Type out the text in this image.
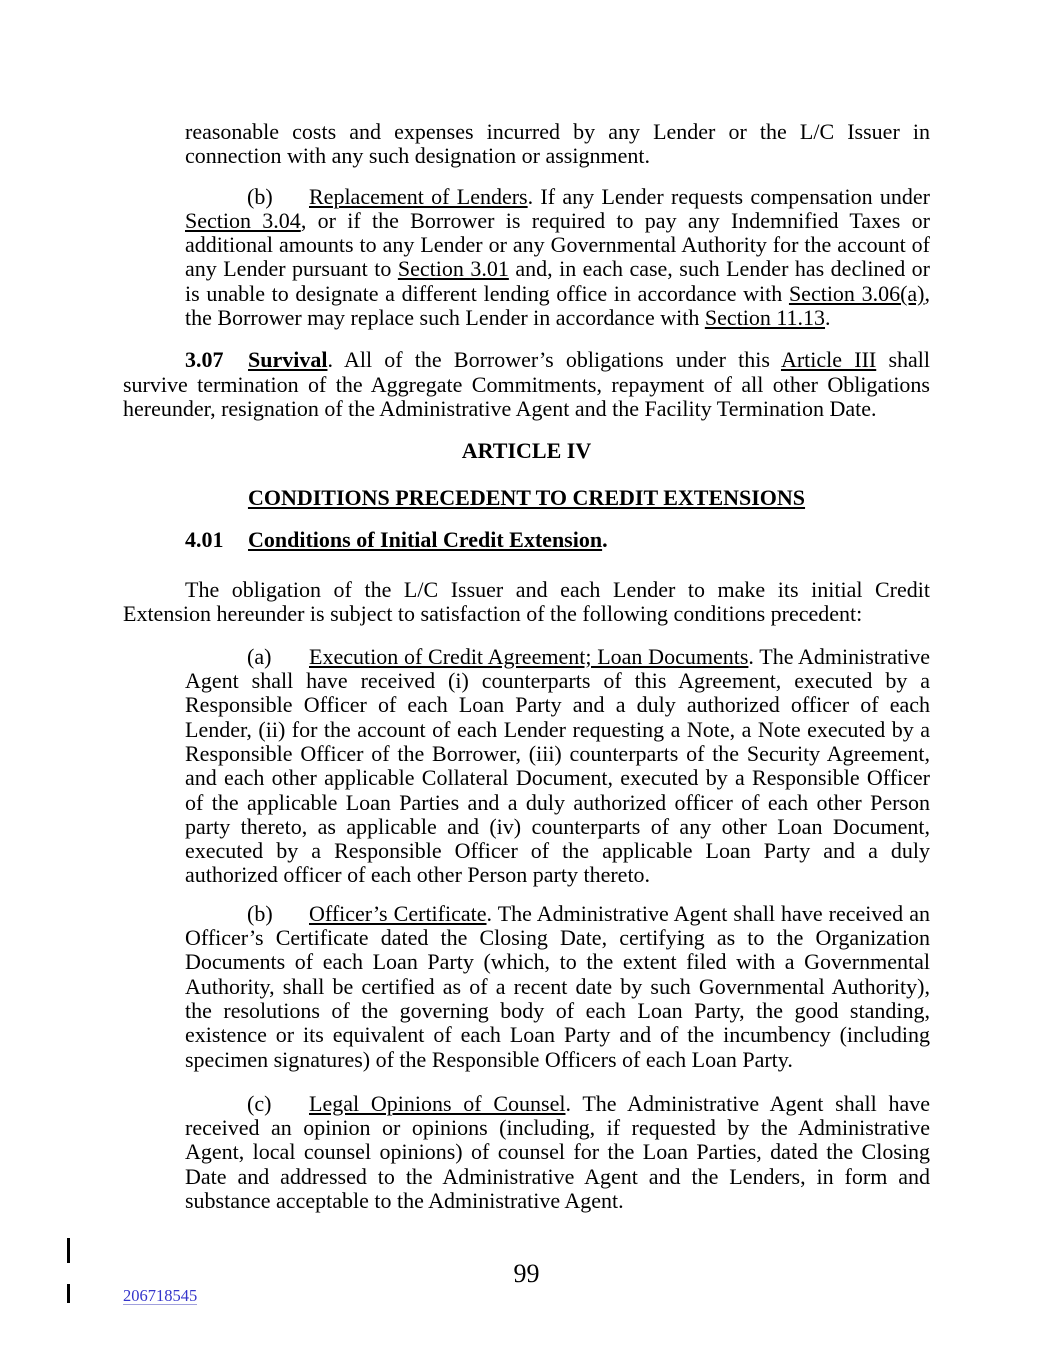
reasonable costs and expenses incurred by any Lender or the L/C Issuer in connection with any such designation or assignment.

(b) Replacement of Lenders. If any Lender requests compensation under Section 3.04, or if the Borrower is required to pay any Indemnified Taxes or additional amounts to any Lender or any Governmental Authority for the account of any Lender pursuant to Section 3.01 and, in each case, such Lender has declined or is unable to designate a different lending office in accordance with Section 3.06(a), the Borrower may replace such Lender in accordance with Section 11.13.

3.07 Survival. All of the Borrower’s obligations under this Article III shall survive termination of the Aggregate Commitments, repayment of all other Obligations hereunder, resignation of the Administrative Agent and the Facility Termination Date.

ARTICLE IV

CONDITIONS PRECEDENT TO CREDIT EXTENSIONS

4.01 Conditions of Initial Credit Extension.

The obligation of the L/C Issuer and each Lender to make its initial Credit Extension hereunder is subject to satisfaction of the following conditions precedent:

(a) Execution of Credit Agreement; Loan Documents. The Administrative Agent shall have received (i) counterparts of this Agreement, executed by a Responsible Officer of each Loan Party and a duly authorized officer of each Lender, (ii) for the account of each Lender requesting a Note, a Note executed by a Responsible Officer of the Borrower, (iii) counterparts of the Security Agreement, and each other applicable Collateral Document, executed by a Responsible Officer of the applicable Loan Parties and a duly authorized officer of each other Person party thereto, as applicable and (iv) counterparts of any other Loan Document, executed by a Responsible Officer of the applicable Loan Party and a duly authorized officer of each other Person party thereto.

(b) Officer’s Certificate. The Administrative Agent shall have received an Officer’s Certificate dated the Closing Date, certifying as to the Organization Documents of each Loan Party (which, to the extent filed with a Governmental Authority, shall be certified as of a recent date by such Governmental Authority), the resolutions of the governing body of each Loan Party, the good standing, existence or its equivalent of each Loan Party and of the incumbency (including specimen signatures) of the Responsible Officers of each Loan Party.

(c) Legal Opinions of Counsel. The Administrative Agent shall have received an opinion or opinions (including, if requested by the Administrative Agent, local counsel opinions) of counsel for the Loan Parties, dated the Closing Date and addressed to the Administrative Agent and the Lenders, in form and substance acceptable to the Administrative Agent.

99
206718545
